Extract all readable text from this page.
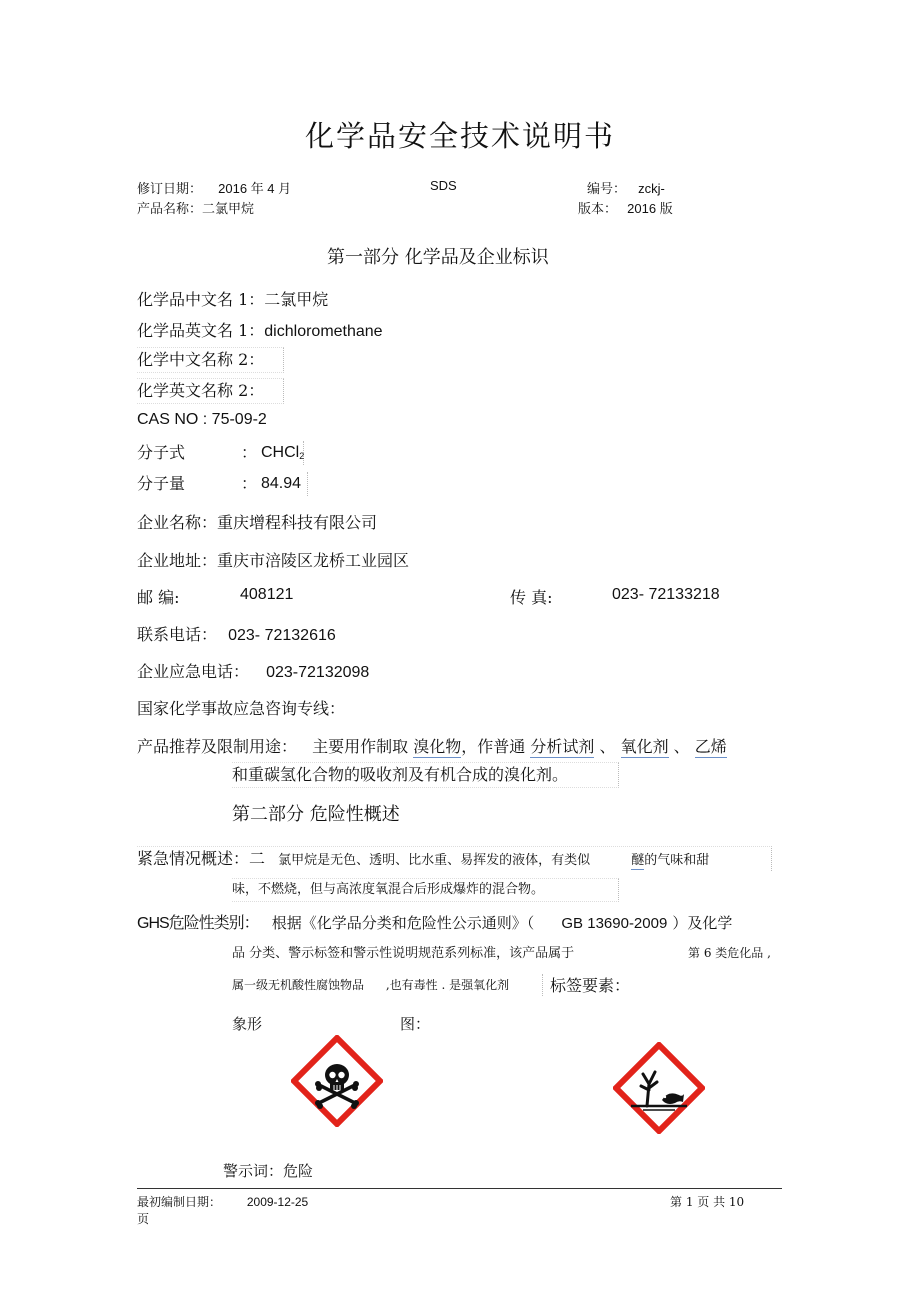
化学品安全技术说明书
修订日期： 2016 年 4 月	SDS	编号： zckj-
产品名称：二氯甲烷	版本： 2016 版
第一部分 化学品及企业标识
化学品中文名 1：二氯甲烷
化学品英文名 1：dichloromethane
化学中文名称 2：
化学英文名称 2：
CAS NO : 75-09-2
分子式	： CHCl$_2$
分子量	： 84.94
企业名称：重庆增程科技有限公司
企业地址：重庆市涪陵区龙桥工业园区
邮 编:	408121	传 真:	023- 72133218
联系电话： 023- 72132616
企业应急电话： 023-72132098
国家化学事故应急咨询专线：
产品推荐及限制用途： 主要用作制取 溴化物，作普通 分析试剂 、 氧化剂 、 乙烯
和重碳氢化合物的吸收剂及有机合成的溴化剂。
第二部分 危险性概述
紧急情况概述：二 氯甲烷是无色、透明、比水重、易挥发的液体，有类似	醚的气味和甜
味，不燃烧，但与高浓度氧混合后形成爆炸的混合物。
GHS危险性类别： 根据《化学品分类和危险性公示通则》（ GB 13690-2009 ）及化学
品 分类、警示标签和警示性说明规范系列标准，该产品属于	第 6 类危化品 ,
属一级无机酸性腐蚀物品 ,也有毒性 . 是强氧化剂	标签要素：
象形	图：
警示词：危险
最初编制日期： 2009-12-25	第 1 页 共 10
页
